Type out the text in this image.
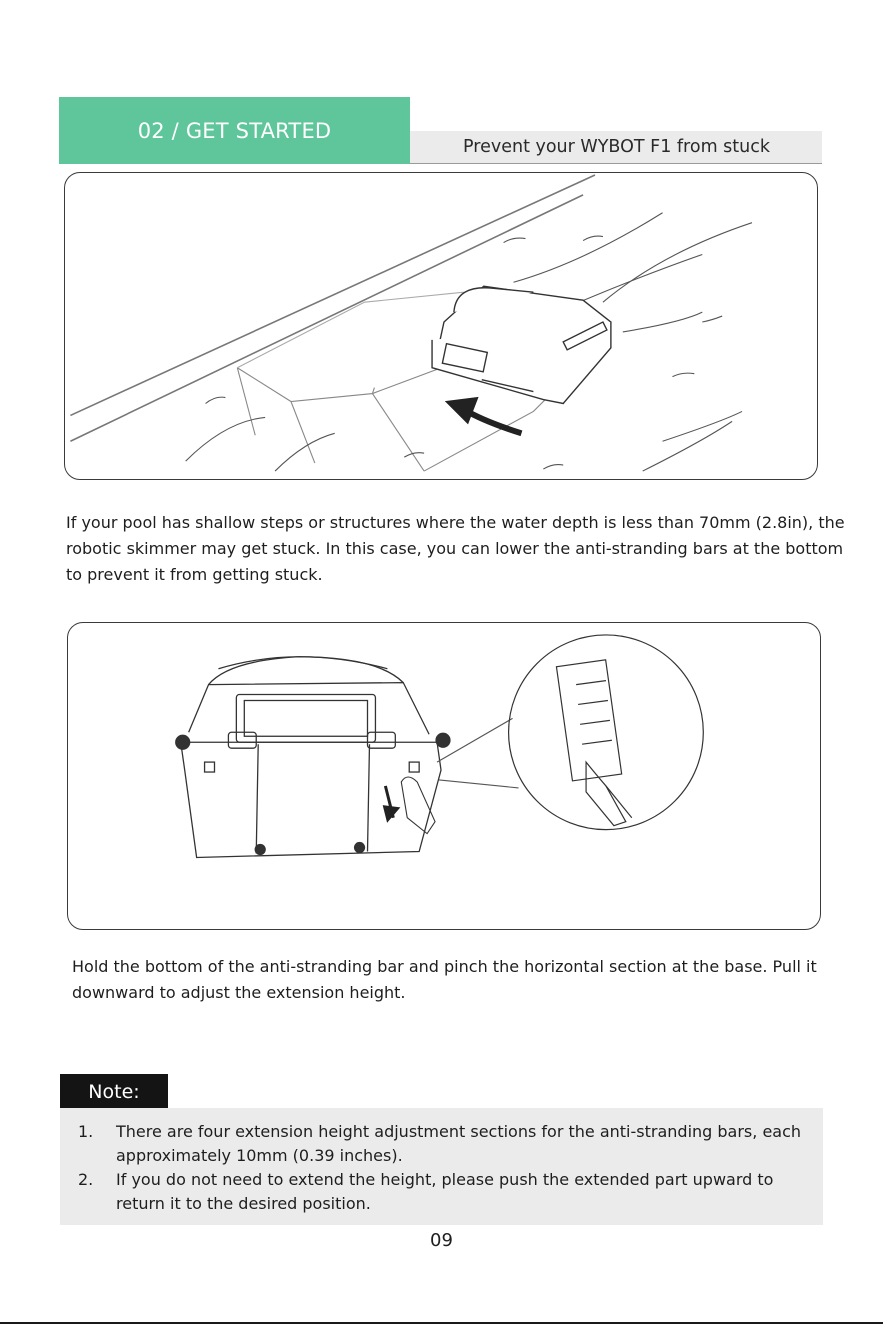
02 / GET STARTED
Prevent your WYBOT F1 from stuck

If your pool has shallow steps or structures where the water depth is less than 70mm (2.8in), the robotic skimmer may get stuck. In this case, you can lower the anti-stranding bars at the bottom to prevent it from getting stuck.

Hold the bottom of the anti-stranding bar and pinch the horizontal section at the base. Pull it downward to adjust the extension height.

Note:
1. There are four extension height adjustment sections for the anti-stranding bars, each approximately 10mm (0.39 inches).
2. If you do not need to extend the height, please push the extended part upward to return it to the desired position.
09
